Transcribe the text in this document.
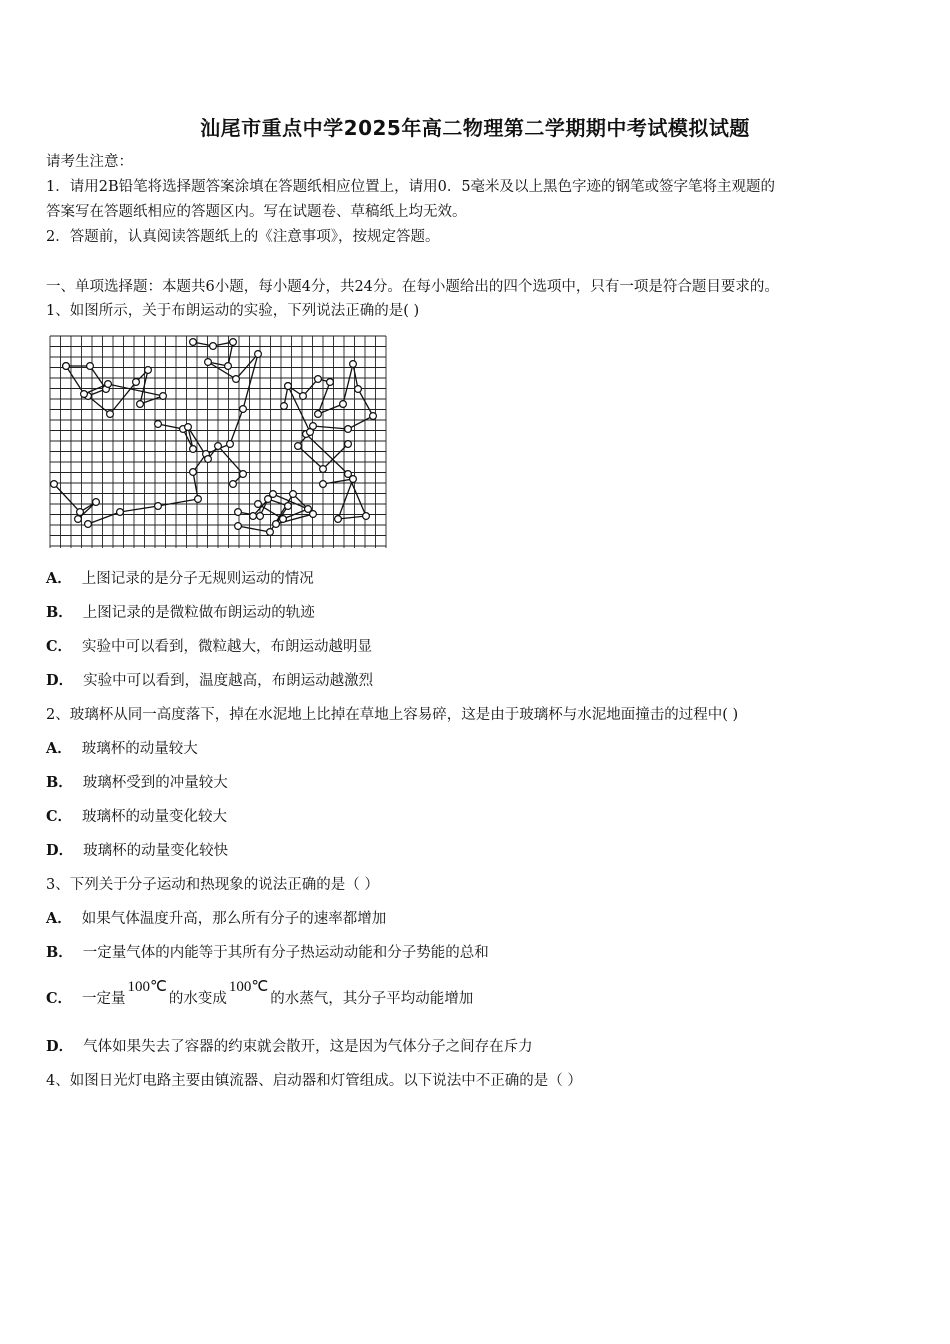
汕尾市重点中学2025年高二物理第二学期期中考试模拟试题
请考生注意：
1．请用2B铅笔将选择题答案涂填在答题纸相应位置上，请用0．5毫米及以上黑色字迹的钢笔或签字笔将主观题的
答案写在答题纸相应的答题区内。写在试题卷、草稿纸上均无效。
2．答题前，认真阅读答题纸上的《注意事项》，按规定答题。
一、单项选择题：本题共6小题，每小题4分，共24分。在每小题给出的四个选项中，只有一项是符合题目要求的。
1、如图所示，关于布朗运动的实验，下列说法正确的是( )
A． 上图记录的是分子无规则运动的情况
B． 上图记录的是微粒做布朗运动的轨迹
C． 实验中可以看到，微粒越大，布朗运动越明显
D． 实验中可以看到，温度越高，布朗运动越激烈
2、玻璃杯从同一高度落下，掉在水泥地上比掉在草地上容易碎，这是由于玻璃杯与水泥地面撞击的过程中( )
A． 玻璃杯的动量较大
B． 玻璃杯受到的冲量较大
C． 玻璃杯的动量变化较大
D． 玻璃杯的动量变化较快
3、下列关于分子运动和热现象的说法正确的是（ ）
A． 如果气体温度升高，那么所有分子的速率都增加
B． 一定量气体的内能等于其所有分子热运动动能和分子势能的总和
C． 一定量100℃的水变成100℃的水蒸气，其分子平均动能增加
D． 气体如果失去了容器的约束就会散开，这是因为气体分子之间存在斥力
4、如图日光灯电路主要由镇流器、启动器和灯管组成。以下说法中不正确的是（ ）
